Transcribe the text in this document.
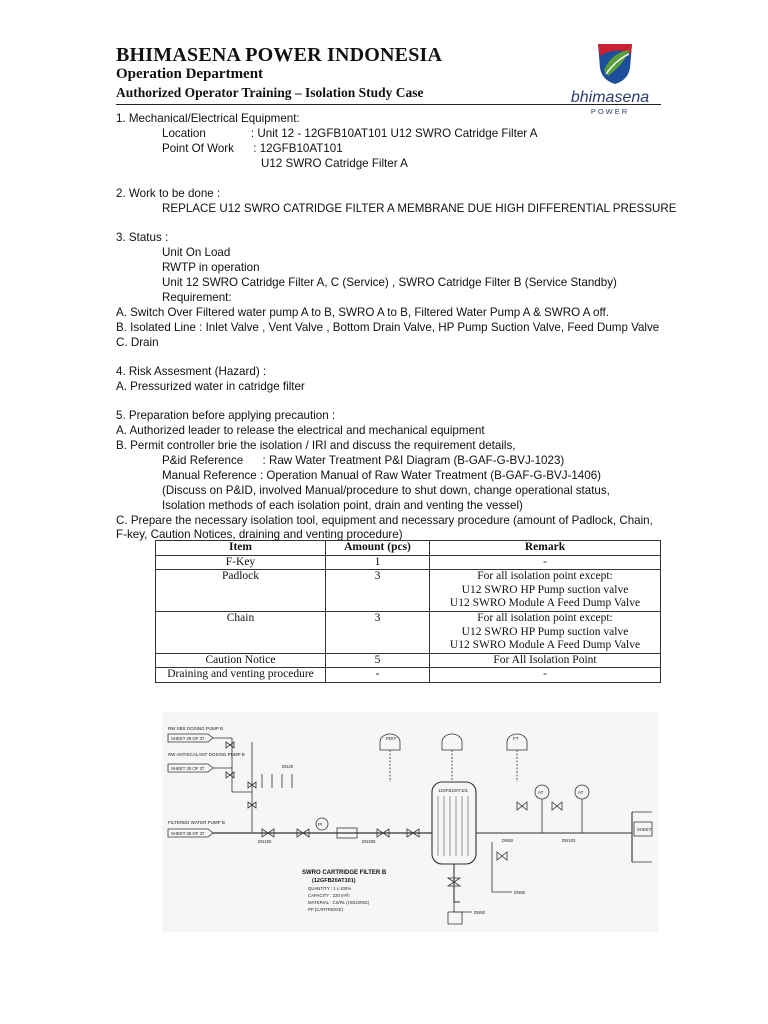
BHIMASENA POWER INDONESIA
Operation Department
Authorized Operator Training – Isolation Study Case	bhimasena
POWER

1. Mechanical/Electrical Equipment:

Location              : Unit 12 - 12GFB10AT101 U12 SWRO Catridge Filter A

Point Of Work      : 12GFB10AT101

U12 SWRO Catridge Filter A

2. Work to be done :

REPLACE U12 SWRO CATRIDGE FILTER A MEMBRANE DUE HIGH DIFFERENTIAL PRESSURE

3. Status :

Unit On Load

RWTP in operation

Unit 12 SWRO Catridge Filter A, C (Service) , SWRO Catridge Filter B (Service Standby)

Requirement:

A. Switch Over Filtered water pump A to B, SWRO A to B, Filtered Water Pump A & SWRO A off.

B. Isolated Line : Inlet Valve , Vent Valve , Bottom Drain Valve, HP Pump Suction Valve, Feed Dump Valve

C. Drain

4. Risk Assesment (Hazard) :

A. Pressurized water in catridge filter

5. Preparation before applying precaution :

A. Authorized leader to release the electrical and mechanical equipment

B. Permit controller brie the isolation / IRI and discuss the requirement details,

P&id Reference      : Raw Water Treatment P&I Diagram (B-GAF-G-BVJ-1023)

Manual Reference : Operation Manual of Raw Water Treatment (B-GAF-G-BVJ-1406)

(Discuss on P&ID, involved Manual/procedure to shut down, change operational status,

Isolation methods of each isolation point, drain and venting the vessel)

C. Prepare the necessary isolation tool, equipment and necessary procedure (amount of Padlock, Chain,

F-key, Caution Notices, draining and venting procedure)

Item	Amount (pcs)	Remark
F-Key	1	-

Padlock	3	For all isolation point except:
U12 SWRO HP Pump suction valve
U12 SWRO Module A Feed Dump Valve

Chain	3	For all isolation point except:
U12 SWRO HP Pump suction valve
U12 SWRO Module A Feed Dump Valve

Caution Notice	5	For All Isolation Point

Draining and venting procedure	-	-
RW SBS DOSING PUMP B
SHEET 29 OF 37
RW ANTISCALANT DOSING PUMP B
SHEET 30 OF 37
FILTERED WATER PUMP B
SHEET 08 OF 37
PI
DN250
DN150
DN25
PDIT	FT
12GFB10AT101	AT	AT
DN50	DN100
SHEET
DN80
DN80
SWRO CARTRIDGE FILTER B
(12GFB20AT101)
QUANTITY : 1 x 100%
CAPACITY : 220 m³/h
MATERIAL : CS/RL (HOUSING)
PP (CARTRIDGE)
